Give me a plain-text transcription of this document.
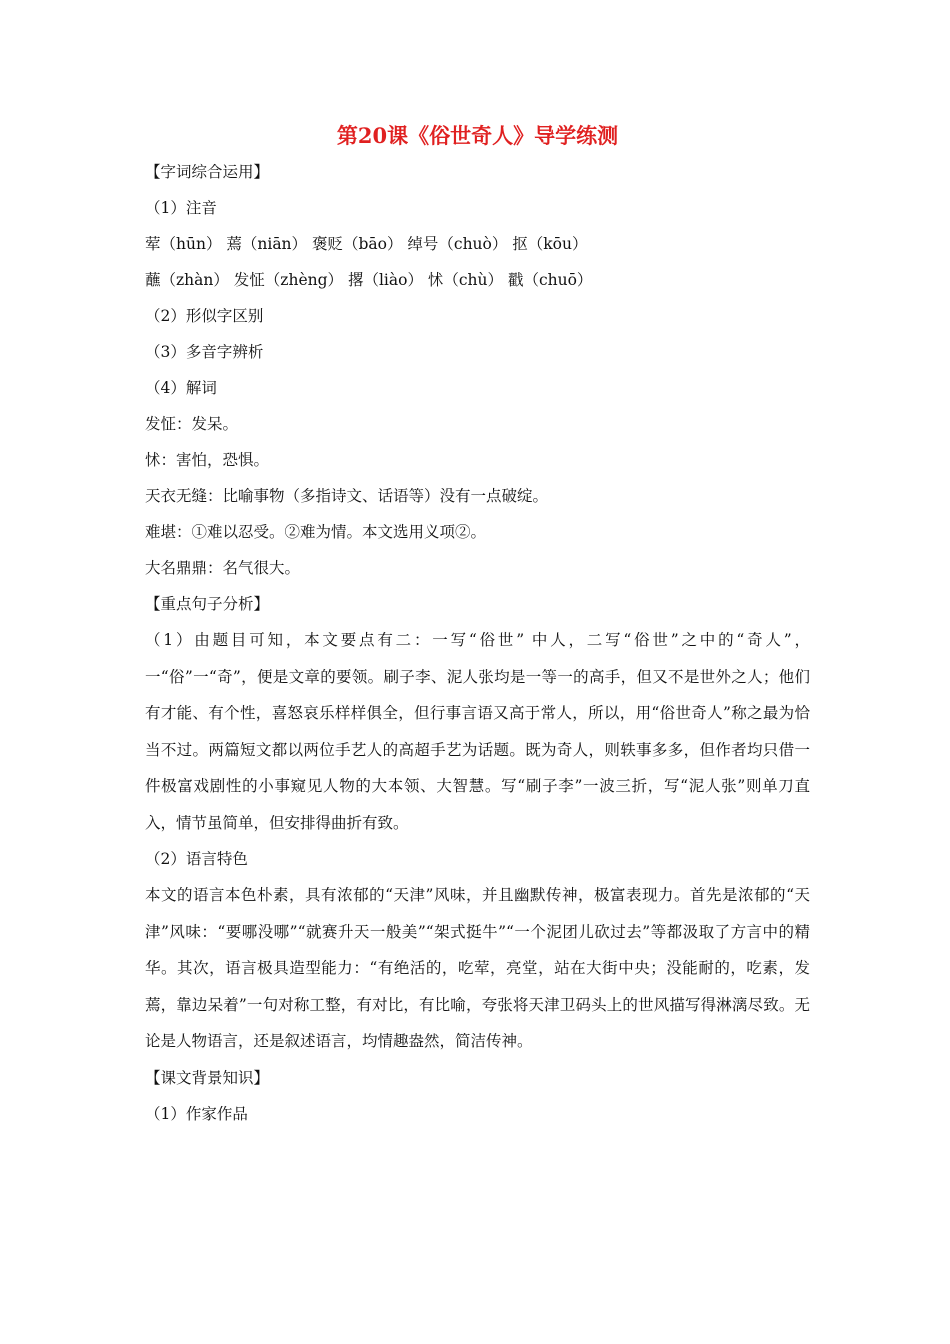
第20课《俗世奇人》导学练测

【字词综合运用】

（1）注音

荤（hūn） 蔫（niān） 褒贬（bāo） 绰号（chuò） 抠（kōu）

蘸（zhàn） 发怔（zhèng） 撂（liào） 怵（chù） 戳（chuō）

（2）形似字区别

（3）多音字辨析

（4）解词

发怔：发呆。

怵：害怕，恐惧。

天衣无缝：比喻事物（多指诗文、话语等）没有一点破绽。

难堪：①难以忍受。②难为情。本文选用义项②。

大名鼎鼎：名气很大。

【重点句子分析】

（1）由题目可知，本文要点有二：一写“俗世” 中人，二写“俗世”之中的“奇人”，一“俗”一“奇”，便是文章的要领。刷子李、泥人张均是一等一的高手，但又不是世外之人；他们有才能、有个性，喜怒哀乐样样俱全，但行事言语又高于常人，所以，用“俗世奇人”称之最为恰当不过。两篇短文都以两位手艺人的高超手艺为话题。既为奇人，则轶事多多，但作者均只借一件极富戏剧性的小事窥见人物的大本领、大智慧。写“刷子李”一波三折，写“泥人张”则单刀直入，情节虽简单，但安排得曲折有致。

（2）语言特色

本文的语言本色朴素，具有浓郁的“天津”风味，并且幽默传神，极富表现力。首先是浓郁的“天津”风味：“要哪没哪”“就赛升天一般美”“架式挺牛”“一个泥团儿砍过去”等都汲取了方言中的精华。其次，语言极具造型能力：“有绝活的，吃荤，亮堂，站在大街中央；没能耐的，吃素，发蔫，靠边呆着”一句对称工整，有对比，有比喻，夸张将天津卫码头上的世风描写得淋漓尽致。无论是人物语言，还是叙述语言，均情趣盎然，简洁传神。

【课文背景知识】

（1）作家作品
